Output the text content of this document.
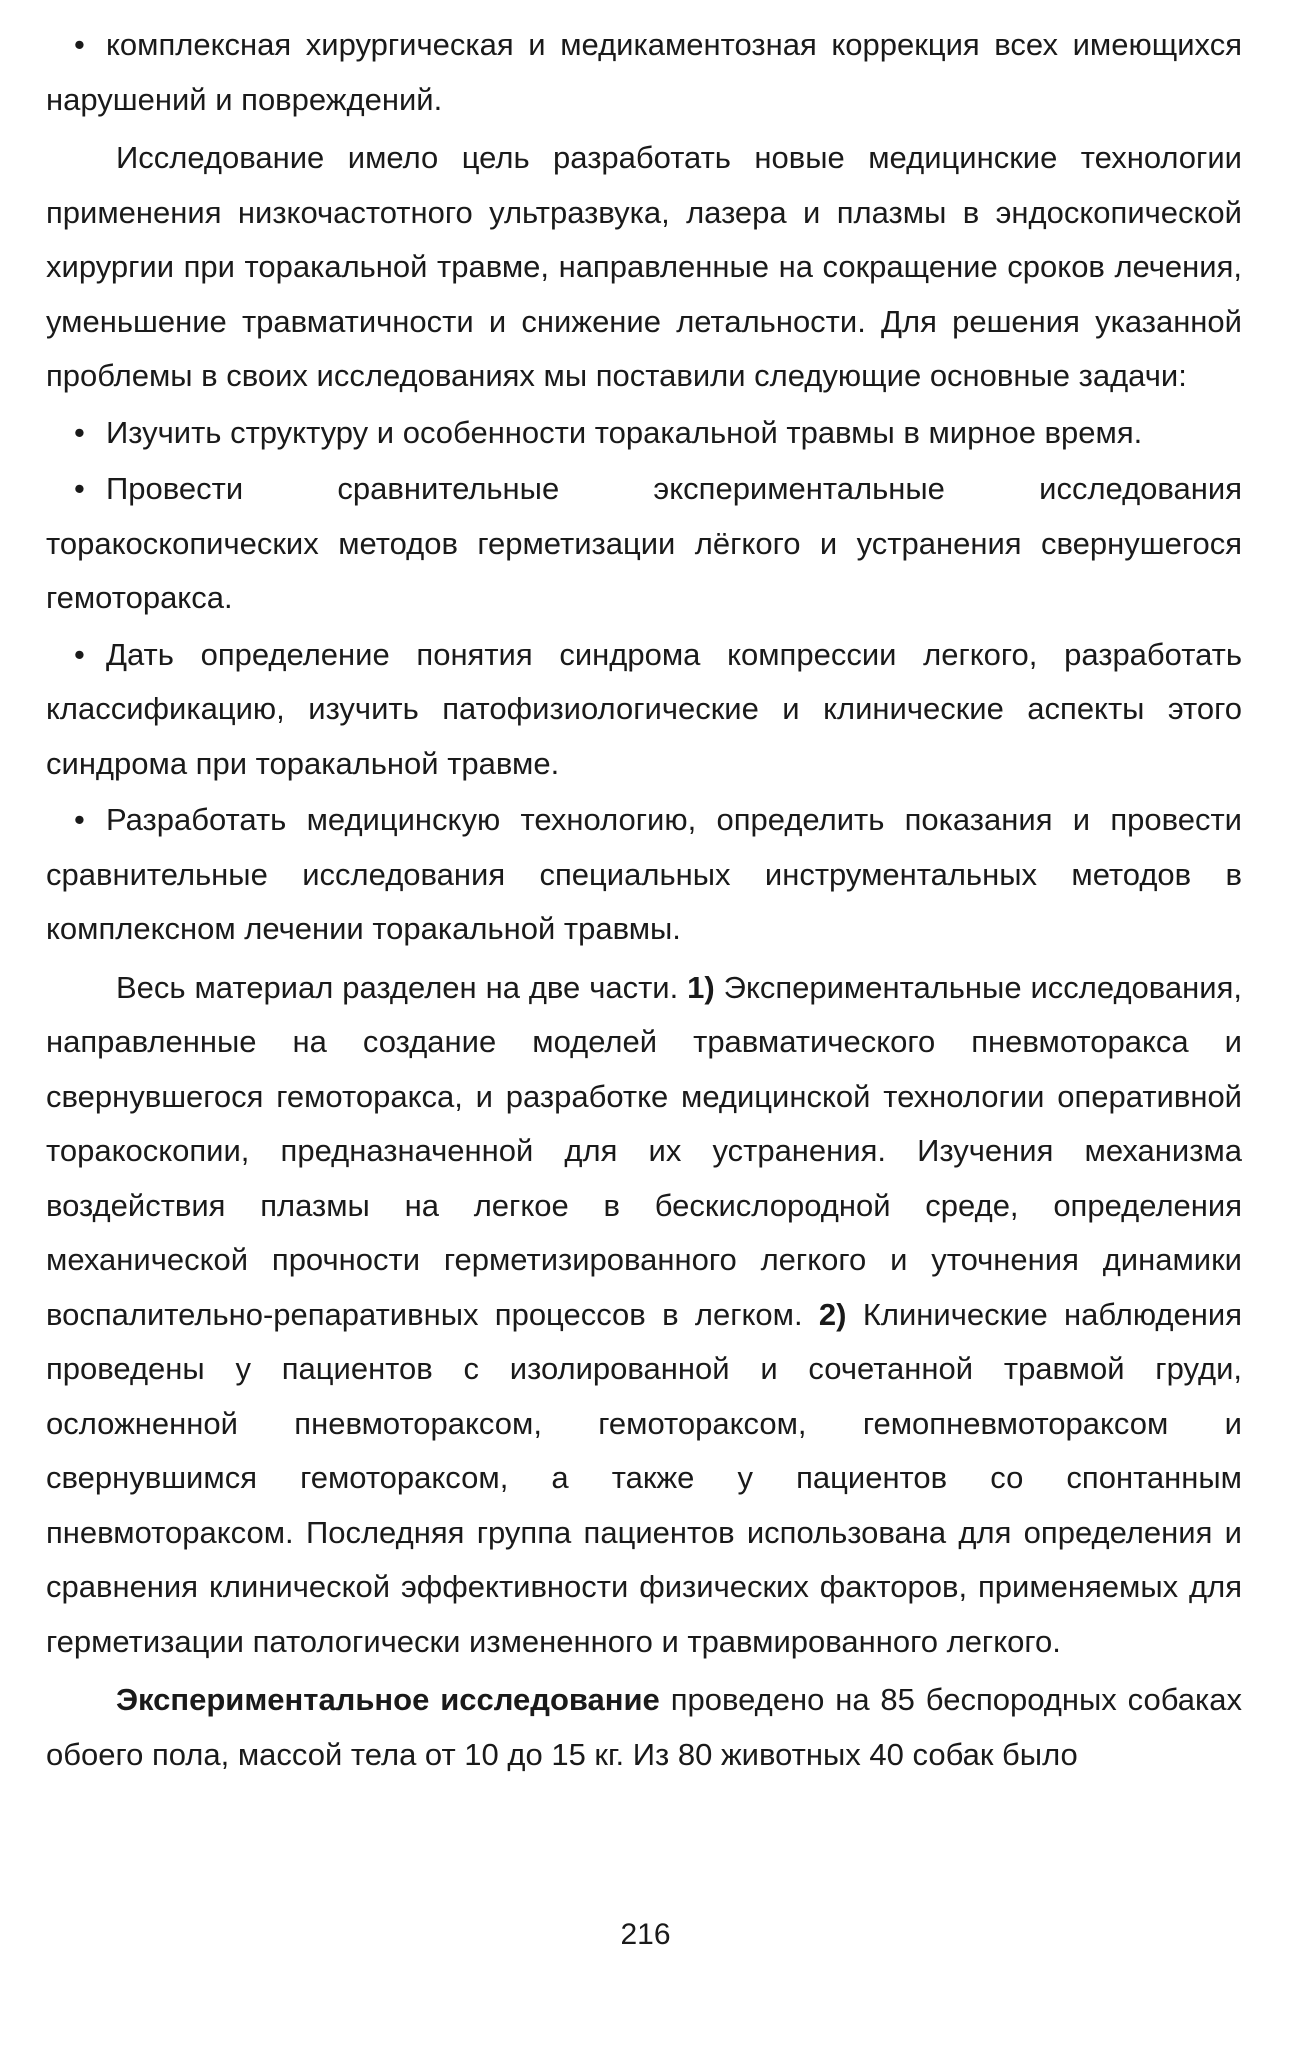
• комплексная хирургическая и медикаментозная коррекция всех имеющихся нарушений и повреждений.

Исследование имело цель разработать новые медицинские технологии применения низкочастотного ультразвука, лазера и плазмы в эндоскопической хирургии при торакальной травме, направленные на сокращение сроков лечения, уменьшение травматичности и снижение летальности. Для решения указанной проблемы в своих исследованиях мы поставили следующие основные задачи:

• Изучить структуру и особенности торакальной травмы в мирное время.

• Провести сравнительные экспериментальные исследования торакоскопических методов герметизации лёгкого и устранения свернушегося гемоторакса.

• Дать определение понятия синдрома компрессии легкого, разработать классификацию, изучить патофизиологические и клинические аспекты этого синдрома при торакальной травме.

• Разработать медицинскую технологию, определить показания и провести сравнительные исследования специальных инструментальных методов в комплексном лечении торакальной травмы.

Весь материал разделен на две части. 1) Экспериментальные исследования, направленные на создание моделей травматического пневмоторакса и свернувшегося гемоторакса, и разработке медицинской технологии оперативной торакоскопии, предназначенной для их устранения. Изучения механизма воздействия плазмы на легкое в бескислородной среде, определения механической прочности герметизированного легкого и уточнения динамики воспалительно-репаративных процессов в легком. 2) Клинические наблюдения проведены у пациентов с изолированной и сочетанной травмой груди, осложненной пневмотораксом, гемотораксом, гемопневмотораксом и свернувшимся гемотораксом, а также у пациентов со спонтанным пневмотораксом. Последняя группа пациентов использована для определения и сравнения клинической эффективности физических факторов, применяемых для герметизации патологически измененного и травмированного легкого.

Экспериментальное исследование проведено на 85 беспородных собаках обоего пола, массой тела от 10 до 15 кг. Из 80 животных 40 собак было

216
